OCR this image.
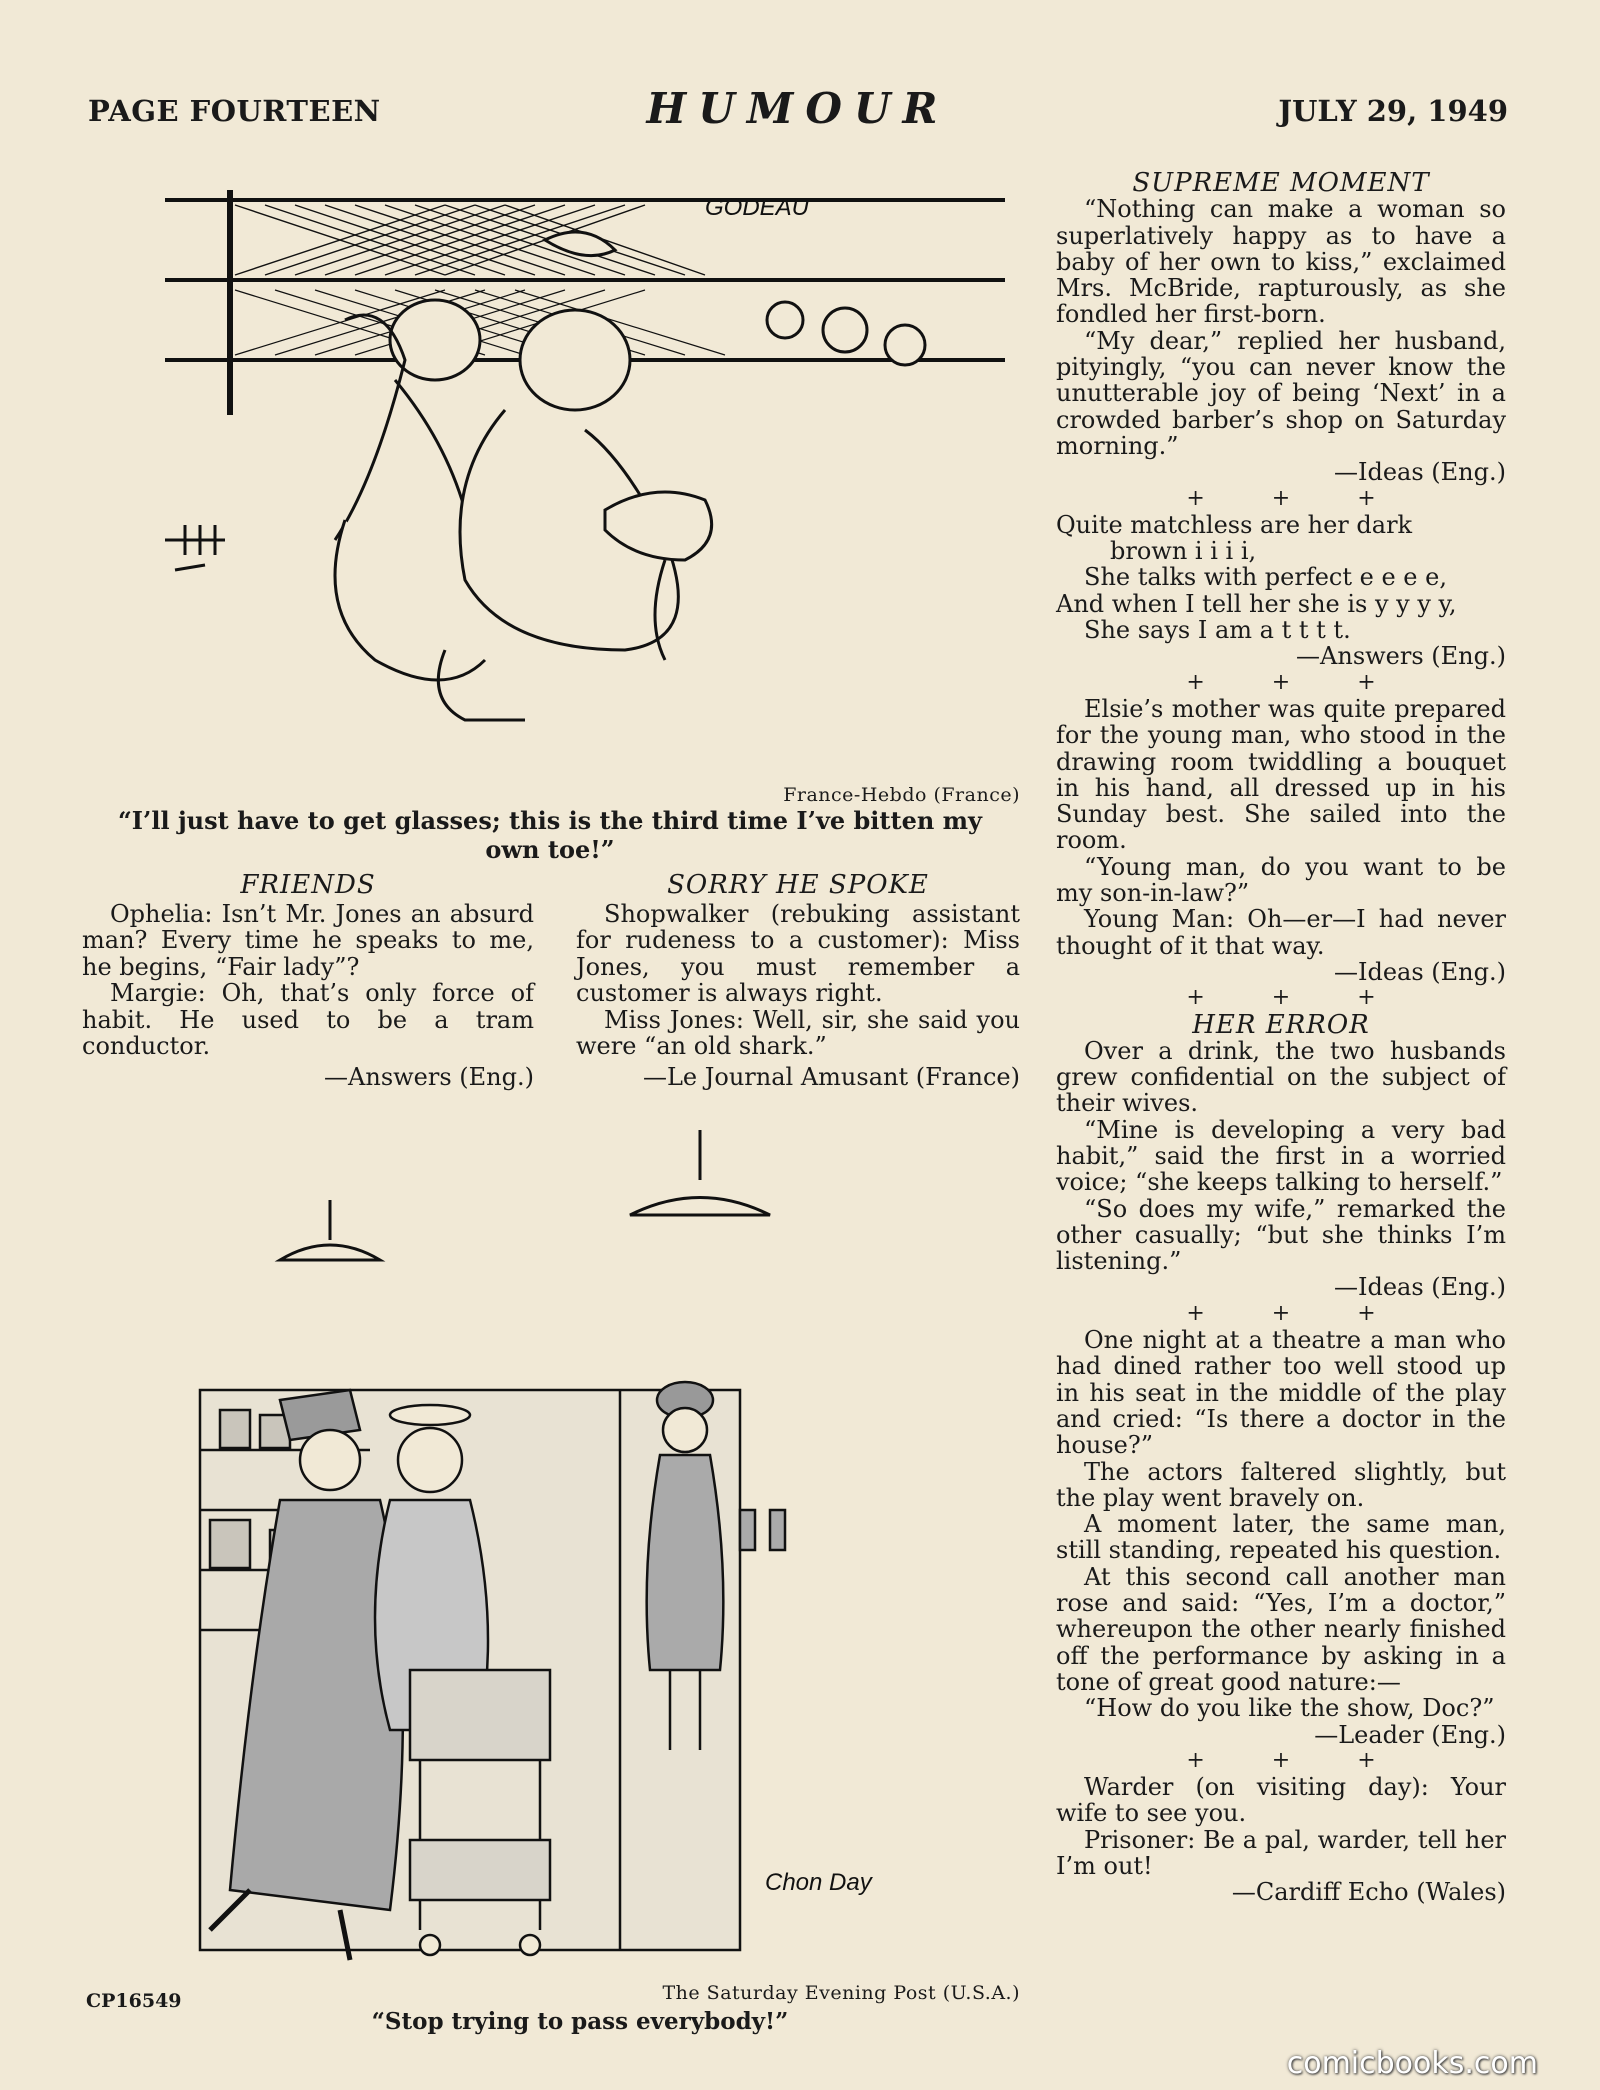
PAGE FOURTEEN	HUMOUR	JULY 29, 1949
GODEAU
France-Hebdo (France)
“I’ll just have to get glasses; this is the third time I’ve bitten my own toe!”
FRIENDS

Ophelia: Isn’t Mr. Jones an absurd man? Every time he speaks to me, he begins, “Fair lady”?

Margie: Oh, that’s only force of habit. He used to be a tram conductor.

—Answers (Eng.)
SORRY HE SPOKE

Shopwalker (rebuking assistant for rudeness to a customer): Miss Jones, you must remember a customer is always right.

Miss Jones: Well, sir, she said you were “an old shark.”

—Le Journal Amusant (France)
Chon Day
CP16549	The Saturday Evening Post (U.S.A.)
“Stop trying to pass everybody!”
SUPREME MOMENT

“Nothing can make a woman so superlatively happy as to have a baby of her own to kiss,” exclaimed Mrs. McBride, rapturously, as she fondled her first-born.

“My dear,” replied her husband, pityingly, “you can never know the unutterable joy of being ‘Next’ in a crowded barber’s shop on Saturday morning.”

—Ideas (Eng.)
+ + +
Quite matchless are her dark
brown i i i i,
She talks with perfect e e e e,
And when I tell her she is y y y y,
She says I am a t t t t.
—Answers (Eng.)
+ + +

Elsie’s mother was quite prepared for the young man, who stood in the drawing room twiddling a bouquet in his hand, all dressed up in his Sunday best. She sailed into the room.

“Young man, do you want to be my son-in-law?”

Young Man: Oh—er—I had never thought of it that way.

—Ideas (Eng.)
+ + +
HER ERROR

Over a drink, the two husbands grew confidential on the subject of their wives.

“Mine is developing a very bad habit,” said the first in a worried voice; “she keeps talking to herself.”

“So does my wife,” remarked the other casually; “but she thinks I’m listening.”

—Ideas (Eng.)
+ + +

One night at a theatre a man who had dined rather too well stood up in his seat in the middle of the play and cried: “Is there a doctor in the house?”

The actors faltered slightly, but the play went bravely on.

A moment later, the same man, still standing, repeated his question.

At this second call another man rose and said: “Yes, I’m a doctor,” whereupon the other nearly finished off the performance by asking in a tone of great good nature:—

“How do you like the show, Doc?”

—Leader (Eng.)
+ + +

Warder (on visiting day): Your wife to see you.

Prisoner: Be a pal, warder, tell her I’m out!

—Cardiff Echo (Wales)
comicbooks.com
